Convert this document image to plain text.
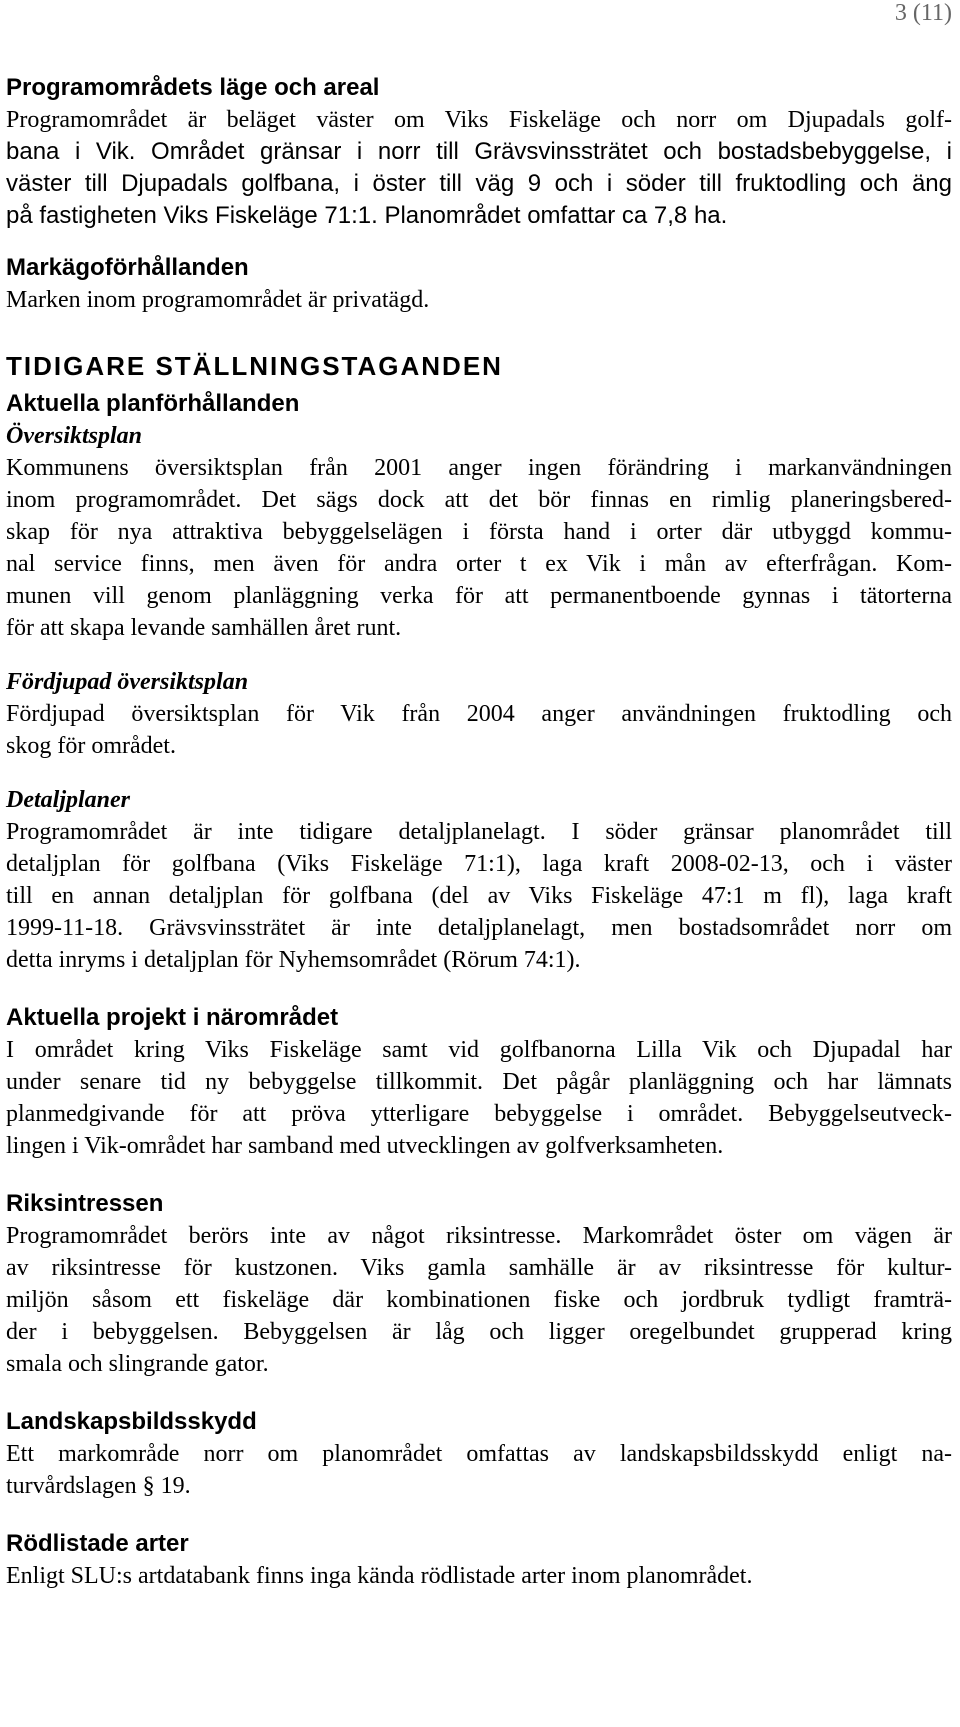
3 (11)
Programområdets läge och areal

Programområdet är beläget väster om Viks Fiskeläge och norr om Djupadals golf-
bana i Vik. Området gränsar i norr till Grävsvinssträtet och bostadsbebyggelse, i
väster till Djupadals golfbana, i öster till väg 9 och i söder till fruktodling och äng
på fastigheten Viks Fiskeläge 71:1. Planområdet omfattar ca 7,8 ha.

Markägoförhållanden

Marken inom programområdet är privatägd.

TIDIGARE STÄLLNINGSTAGANDEN
Aktuella planförhållanden
Översiktsplan

Kommunens översiktsplan från 2001 anger ingen förändring i markanvändningen
inom programområdet. Det sägs dock att det bör finnas en rimlig planeringsbered-
skap för nya attraktiva bebyggelselägen i första hand i orter där utbyggd kommu-
nal service finns, men även för andra orter t ex Vik i mån av efterfrågan. Kom-
munen vill genom planläggning verka för att permanentboende gynnas i tätorterna
för att skapa levande samhällen året runt.

Fördjupad översiktsplan

Fördjupad översiktsplan för Vik från 2004 anger användningen fruktodling och
skog för området.

Detaljplaner

Programområdet är inte tidigare detaljplanelagt. I söder gränsar planområdet till
detaljplan för golfbana (Viks Fiskeläge 71:1), laga kraft 2008-02-13, och i väster
till en annan detaljplan för golfbana (del av Viks Fiskeläge 47:1 m fl), laga kraft
1999-11-18. Grävsvinssträtet är inte detaljplanelagt, men bostadsområdet norr om
detta inryms i detaljplan för Nyhemsområdet (Rörum 74:1).

Aktuella projekt i närområdet

I området kring Viks Fiskeläge samt vid golfbanorna Lilla Vik och Djupadal har
under senare tid ny bebyggelse tillkommit. Det pågår planläggning och har lämnats
planmedgivande för att pröva ytterligare bebyggelse i området. Bebyggelseutveck-
lingen i Vik-området har samband med utvecklingen av golfverksamheten.

Riksintressen

Programområdet berörs inte av något riksintresse. Markområdet öster om vägen är
av riksintresse för kustzonen. Viks gamla samhälle är av riksintresse för kultur-
miljön såsom ett fiskeläge där kombinationen fiske och jordbruk tydligt framträ-
der i bebyggelsen. Bebyggelsen är låg och ligger oregelbundet grupperad kring
smala och slingrande gator.

Landskapsbildsskydd

Ett markområde norr om planområdet omfattas av landskapsbildsskydd enligt na-
turvårdslagen § 19.

Rödlistade arter

Enligt SLU:s artdatabank finns inga kända rödlistade arter inom planområdet.
